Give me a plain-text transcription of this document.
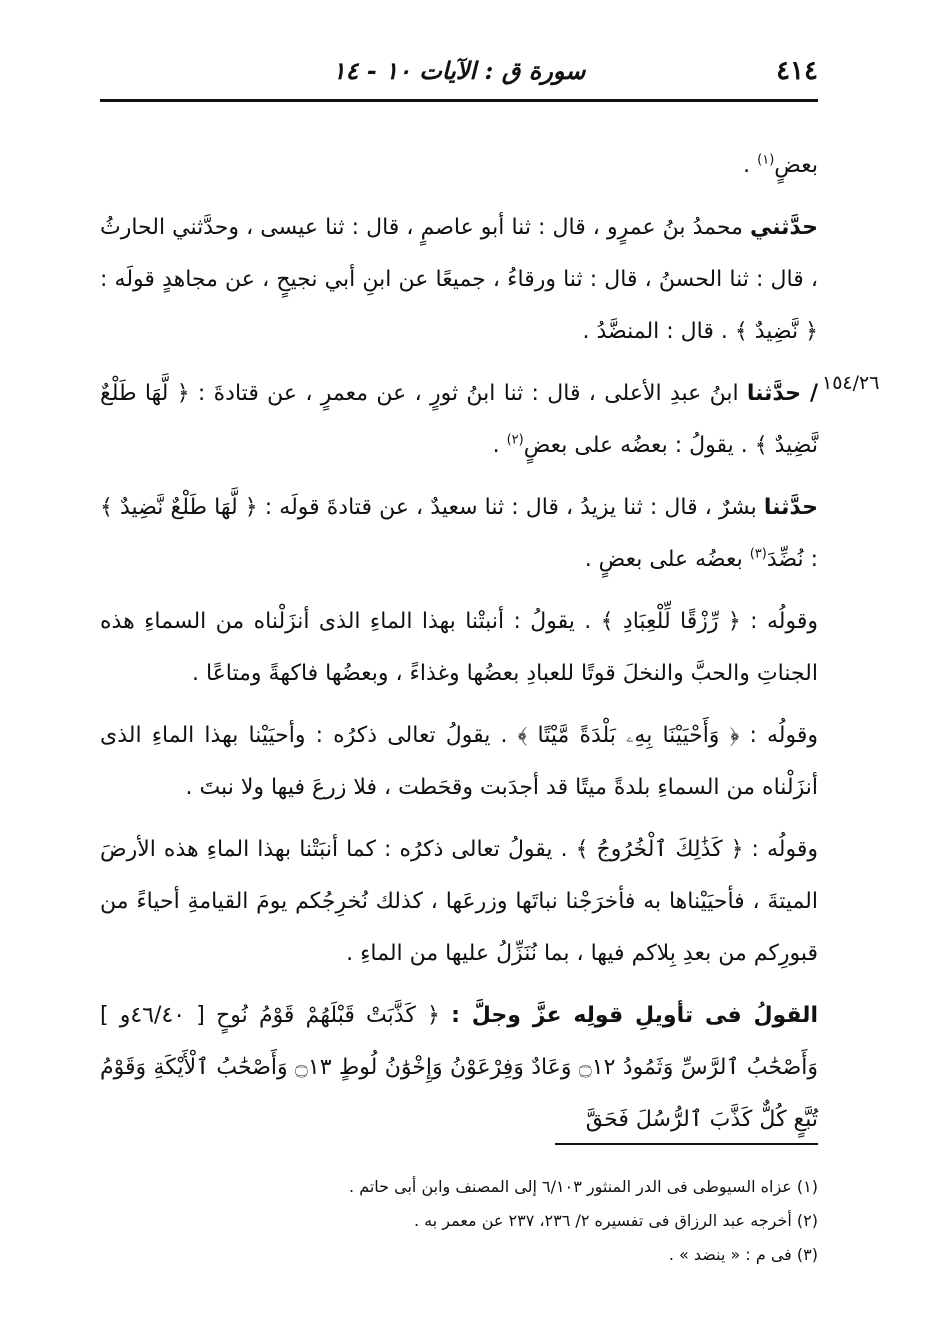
٤١٤
سورة ق : الآيات ١٠ - ١٤
١٥٤/٢٦

بعضٍ$^{(١)}$ .

حدَّثني محمدُ بنُ عمرٍو ، قال : ثنا أبو عاصمٍ ، قال : ثنا عيسى ، وحدَّثني الحارثُ ، قال : ثنا الحسنُ ، قال : ثنا ورقاءُ ، جميعًا عن ابنِ أبي نجيحٍ ، عن مجاهدٍ قولَه : ﴿ نَّضِيدٌ ﴾ . قال : المنضَّدُ .

/ حدَّثنا ابنُ عبدِ الأعلى ، قال : ثنا ابنُ ثورٍ ، عن معمرٍ ، عن قتادةَ : ﴿ لَّهَا طَلْعٌ نَّضِيدٌ ﴾ . يقولُ : بعضُه على بعضٍ$^{(٢)}$ .

حدَّثنا بشرٌ ، قال : ثنا يزيدُ ، قال : ثنا سعيدٌ ، عن قتادةَ قولَه : ﴿ لَّهَا طَلْعٌ نَّضِيدٌ ﴾ : نُضِّدَ$^{(٣)}$ بعضُه على بعضٍ .

وقولُه : ﴿ رِّزْقًا لِّلْعِبَادِ ﴾ . يقولُ : أنبتْنا بهذا الماءِ الذى أنزَلْناه من السماءِ هذه الجناتِ والحبَّ والنخلَ قوتًا للعبادِ بعضُها وغذاءً ، وبعضُها فاكهةً ومتاعًا .

وقولُه : ﴿ وَأَحْيَيْنَا بِهِۦ بَلْدَةً مَّيْتًا ﴾ . يقولُ تعالى ذكرُه : وأحيَيْنا بهذا الماءِ الذى أنزَلْناه من السماءِ بلدةً ميتًا قد أجدَبت وقحَطت ، فلا زرعَ فيها ولا نبتَ .

وقولُه : ﴿ كَذَٰلِكَ ٱلْخُرُوجُ ﴾ . يقولُ تعالى ذكرُه : كما أنبَتْنا بهذا الماءِ هذه الأرضَ الميتةَ ، فأحيَيْناها به فأخرَجْنا نباتَها وزرعَها ، كذلك نُخرِجُكم يومَ القيامةِ أحياءً من قبورِكم من بعدِ بِلاكم فيها ، بما نُنَزِّلُ عليها من الماءِ .

القولُ فى تأويلِ قولِه عزَّ وجلَّ : ﴿ كَذَّبَتْ قَبْلَهُمْ قَوْمُ نُوحٍ [ ٤٦/٤٠و ] وَأَصْحَٰبُ ٱلرَّسِّ وَثَمُودُ ۝١٢ وَعَادٌ وَفِرْعَوْنُ وَإِخْوَٰنُ لُوطٍ ۝١٣ وَأَصْحَٰبُ ٱلْأَيْكَةِ وَقَوْمُ تُبَّعٍ كُلٌّ كَذَّبَ ٱلرُّسُلَ فَحَقَّ

(١) عزاه السيوطى فى الدر المنثور ٦/١٠٣ إلى المصنف وابن أبى حاتم .

(٢) أخرجه عبد الرزاق فى تفسيره ٢/ ٢٣٦، ٢٣٧ عن معمر به .

(٣) فى م : « ينضد » .
